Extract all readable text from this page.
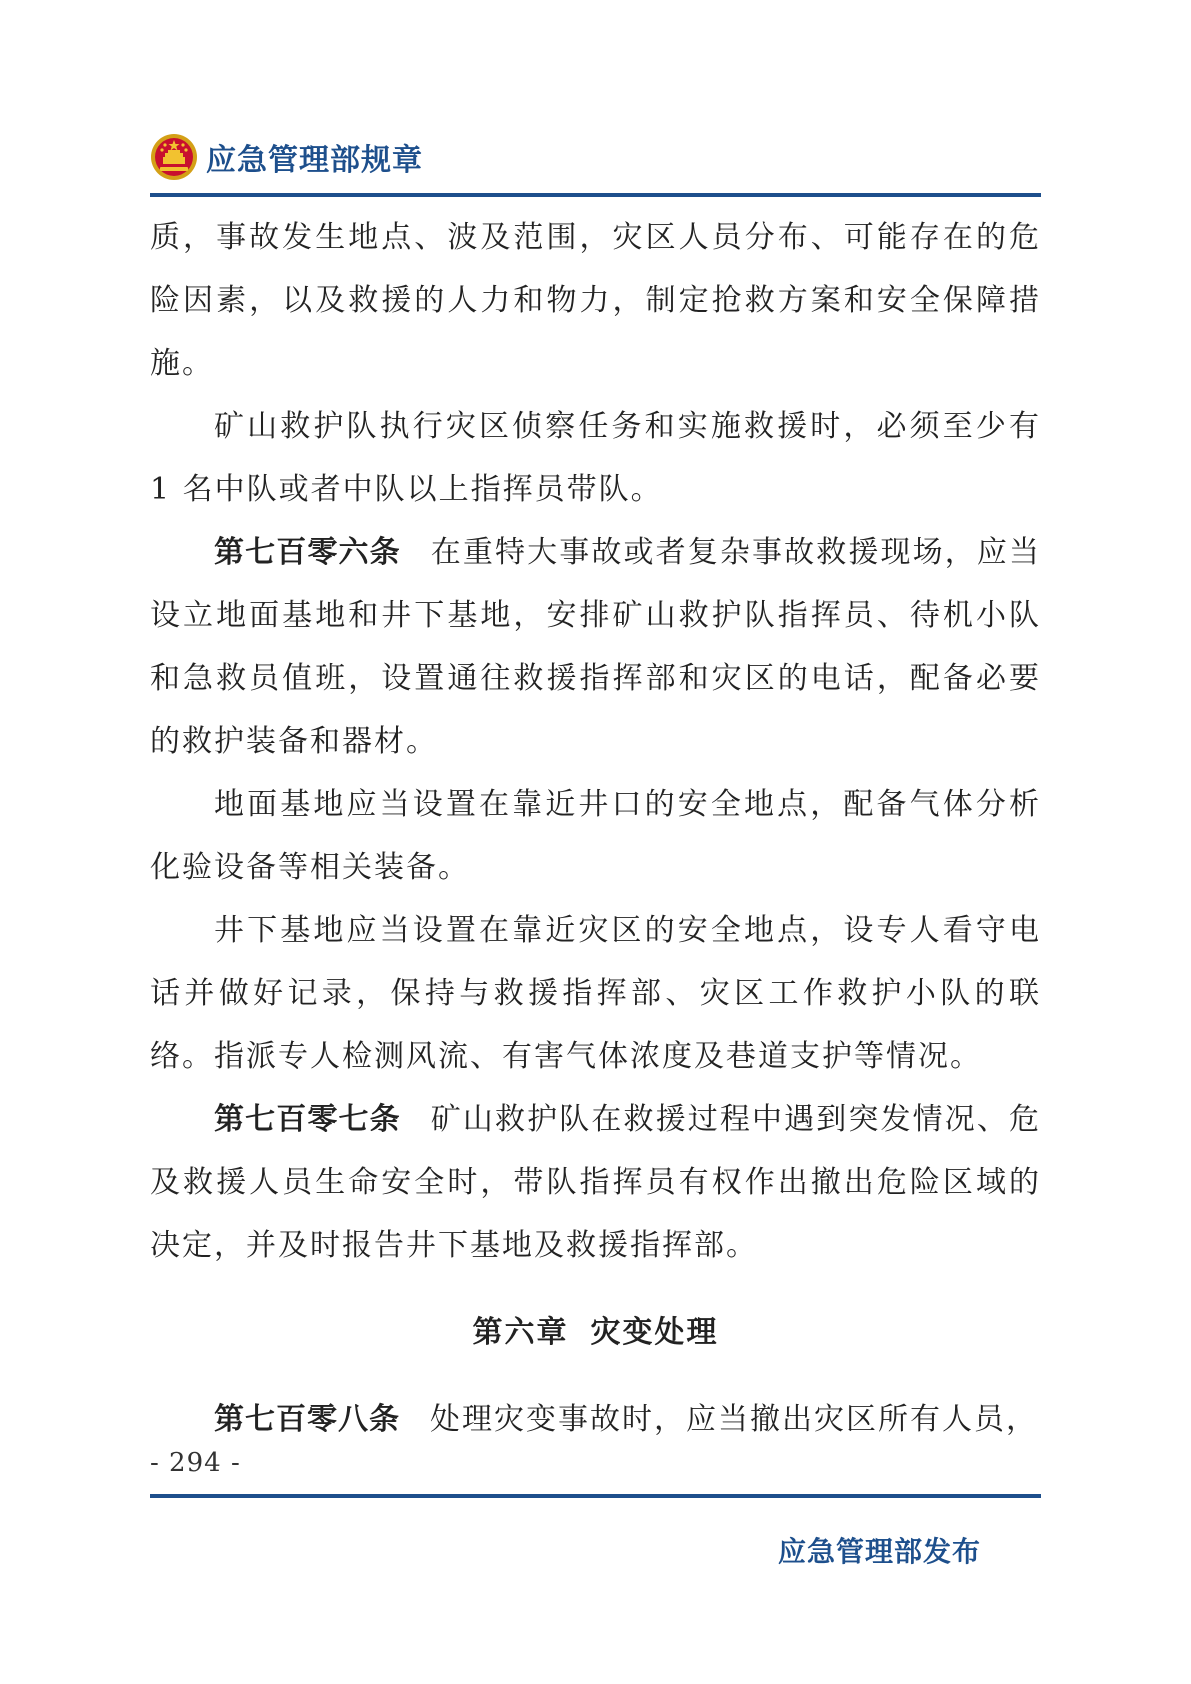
应急管理部规章

质，事故发生地点、波及范围，灾区人员分布、可能存在的危险因素，以及救援的人力和物力，制定抢救方案和安全保障措施。

矿山救护队执行灾区侦察任务和实施救援时，必须至少有 1 名中队或者中队以上指挥员带队。

第七百零六条 在重特大事故或者复杂事故救援现场，应当设立地面基地和井下基地，安排矿山救护队指挥员、待机小队和急救员值班，设置通往救援指挥部和灾区的电话，配备必要的救护装备和器材。

地面基地应当设置在靠近井口的安全地点，配备气体分析化验设备等相关装备。

井下基地应当设置在靠近灾区的安全地点，设专人看守电话并做好记录，保持与救援指挥部、灾区工作救护小队的联络。指派专人检测风流、有害气体浓度及巷道支护等情况。

第七百零七条 矿山救护队在救援过程中遇到突发情况、危及救援人员生命安全时，带队指挥员有权作出撤出危险区域的决定，并及时报告井下基地及救援指挥部。

第六章 灾变处理

第七百零八条 处理灾变事故时，应当撤出灾区所有人员，

- 294 -
应急管理部发布
